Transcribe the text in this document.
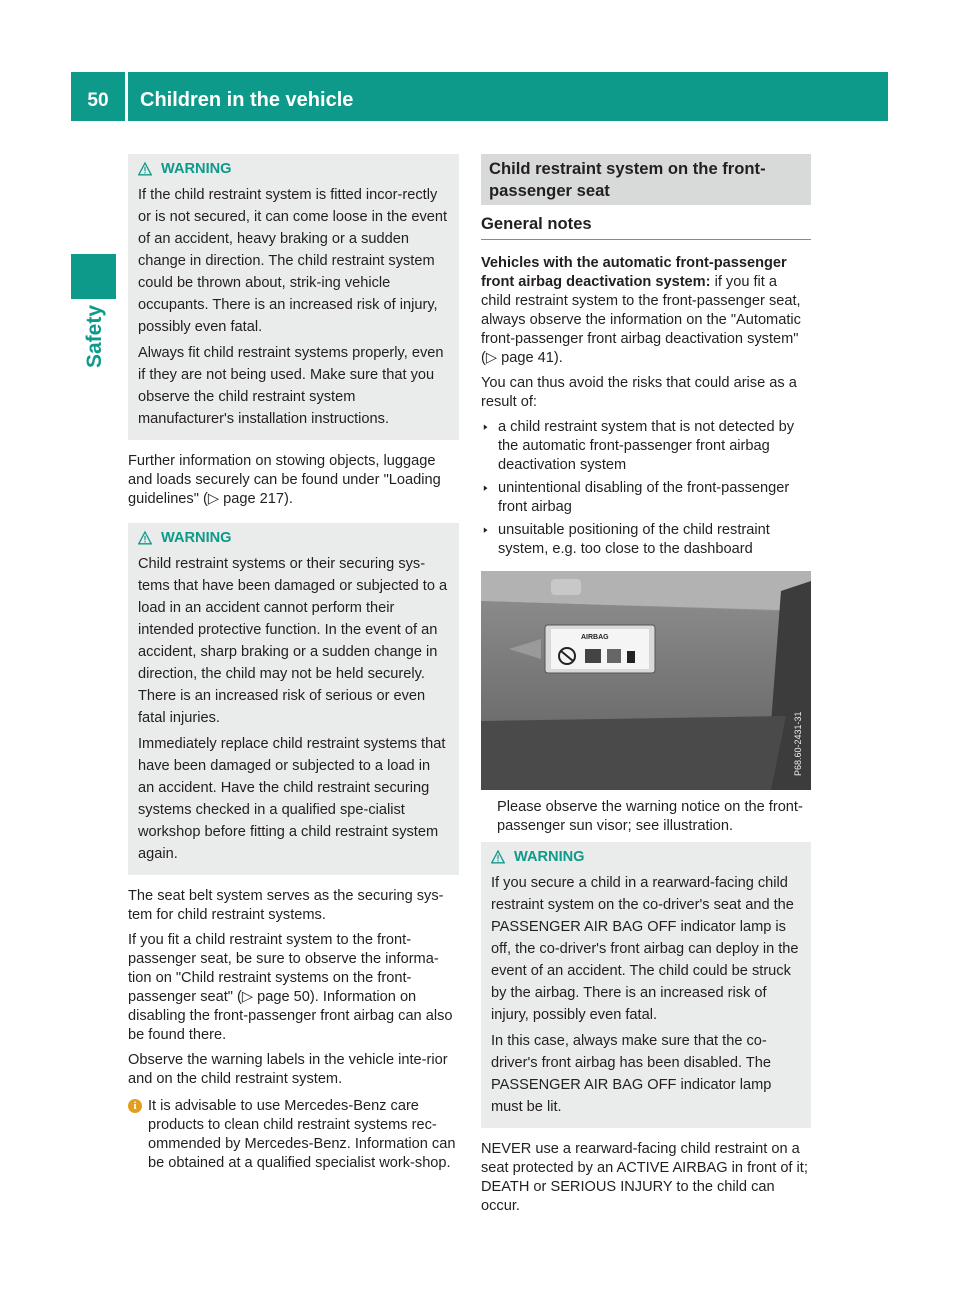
50	Children in the vehicle
Safety
WARNING

If the child restraint system is fitted incor-rectly or is not secured, it can come loose in the event of an accident, heavy braking or a sudden change in direction. The child restraint system could be thrown about, strik-ing vehicle occupants. There is an increased risk of injury, possibly even fatal.

Always fit child restraint systems properly, even if they are not being used. Make sure that you observe the child restraint system manufacturer's installation instructions.

Further information on stowing objects, luggage and loads securely can be found under "Loading guidelines" (▷ page 217).

WARNING

Child restraint systems or their securing sys-tems that have been damaged or subjected to a load in an accident cannot perform their intended protective function. In the event of an accident, sharp braking or a sudden change in direction, the child may not be held securely. There is an increased risk of serious or even fatal injuries.

Immediately replace child restraint systems that have been damaged or subjected to a load in an accident. Have the child restraint securing systems checked in a qualified spe-cialist workshop before fitting a child restraint system again.

The seat belt system serves as the securing sys-tem for child restraint systems.

If you fit a child restraint system to the front-passenger seat, be sure to observe the informa-tion on "Child restraint systems on the front-passenger seat" (▷ page 50). Information on disabling the front-passenger front airbag can also be found there.

Observe the warning labels in the vehicle inte-rior and on the child restraint system.

i It is advisable to use Mercedes-Benz care products to clean child restraint systems rec-ommended by Mercedes-Benz. Information can be obtained at a qualified specialist work-shop.
Child restraint system on the front-passenger seat
General notes

Vehicles with the automatic front-passenger front airbag deactivation system: if you fit a child restraint system to the front-passenger seat, always observe the information on the "Automatic front-passenger front airbag deactivation system" (▷ page 41).

You can thus avoid the risks that could arise as a result of:

▶ a child restraint system that is not detected by the automatic front-passenger front airbag deactivation system
▶ unintentional disabling of the front-passenger front airbag
▶ unsuitable positioning of the child restraint system, e.g. too close to the dashboard
AIRBAG
P68.60-2431-31

Please observe the warning notice on the front-passenger sun visor; see illustration.

WARNING

If you secure a child in a rearward-facing child restraint system on the co-driver's seat and the PASSENGER AIR BAG OFF indicator lamp is off, the co-driver's front airbag can deploy in the event of an accident. The child could be struck by the airbag. There is an increased risk of injury, possibly even fatal.

In this case, always make sure that the co-driver's front airbag has been disabled. The PASSENGER AIR BAG OFF indicator lamp must be lit.

NEVER use a rearward-facing child restraint on a seat protected by an ACTIVE AIRBAG in front of it; DEATH or SERIOUS INJURY to the child can occur.
